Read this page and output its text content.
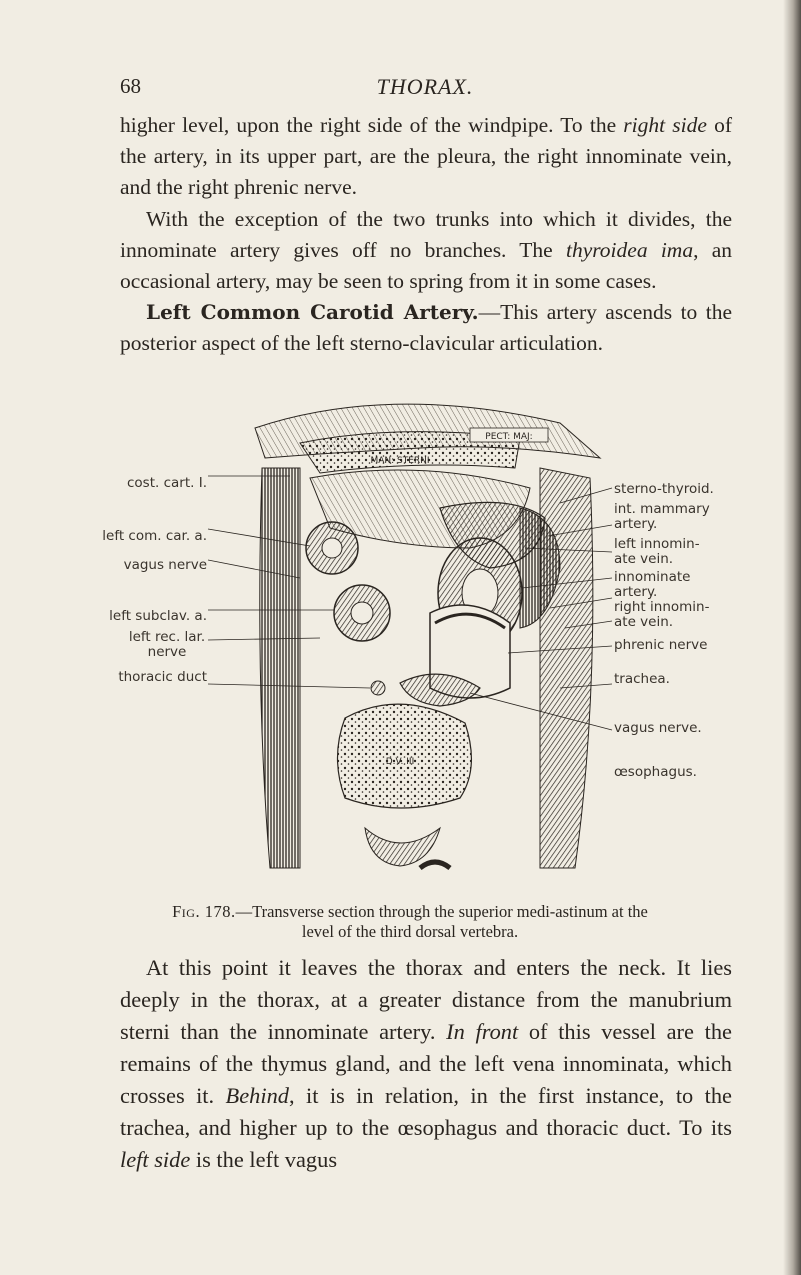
68	THORAX.

higher level, upon the right side of the windpipe. To the right side of the artery, in its upper part, are the pleura, the right innominate vein, and the right phrenic nerve.

With the exception of the two trunks into which it divides, the innominate artery gives off no branches. The thyroidea ima, an occasional artery, may be seen to spring from it in some cases.

Left Common Carotid Artery.—This artery ascends to the posterior aspect of the left sterno-clavicular articulation.

PECT: MAJ:
MAN: STERNI
D.V. III
cost. cart. I.
left com. car. a.
vagus nerve
left subclav. a.
left rec. lar.
nerve
thoracic duct
sterno-thyroid.
int. mammary
artery.
left innomin-
ate vein.
innominate
artery.
right innomin-
ate vein.
phrenic nerve
trachea.
vagus nerve.
œsophagus.
Fig. 178.—Transverse section through the superior medi-astinum at the level of the third dorsal vertebra.

At this point it leaves the thorax and enters the neck. It lies deeply in the thorax, at a greater distance from the manubrium sterni than the innominate artery. In front of this vessel are the remains of the thymus gland, and the left vena innominata, which crosses it. Behind, it is in relation, in the first instance, to the trachea, and higher up to the œsophagus and thoracic duct. To its left side is the left vagus
